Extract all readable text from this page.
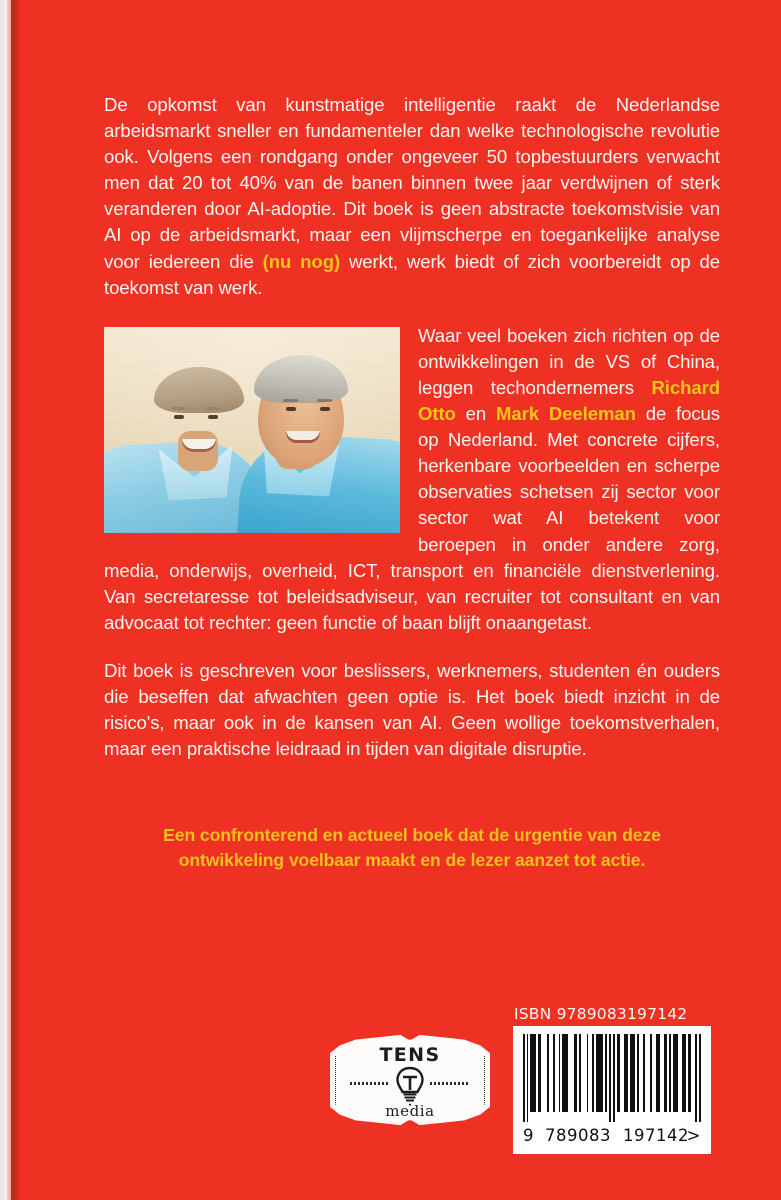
De opkomst van kunstmatige intelligentie raakt de Nederlandse arbeidsmarkt sneller en fundamenteler dan welke technologische revolutie ook. Volgens een rondgang onder ongeveer 50 topbestuurders verwacht men dat 20 tot 40% van de banen binnen twee jaar verdwijnen of sterk veranderen door AI-adoptie. Dit boek is geen abstracte toekomstvisie van AI op de arbeidsmarkt, maar een vlijmscherpe en toegankelijke analyse voor iedereen die (nu nog) werkt, werk biedt of zich voorbereidt op de toekomst van werk.

Waar veel boeken zich richten op de ontwikkelingen in de VS of China, leggen techondernemers Richard Otto en Mark Deeleman de focus op Nederland. Met concrete cijfers, herkenbare voorbeelden en scherpe observaties schetsen zij sector voor sector wat AI betekent voor beroepen in onder andere zorg, media, onderwijs, overheid, ICT, transport en financiële dienstverlening. Van secretaresse tot beleidsadviseur, van recruiter tot consultant en van advocaat tot rechter: geen functie of baan blijft onaangetast.

Dit boek is geschreven voor beslissers, werknemers, studenten én ouders die beseffen dat afwachten geen optie is. Het boek biedt inzicht in de risico's, maar ook in de kansen van AI. Geen wollige toekomstverhalen, maar een praktische leidraad in tijden van digitale disruptie.

Een confronterend en actueel boek dat de urgentie van deze
ontwikkeling voelbaar maakt en de lezer aanzet tot actie.
TENS
media
ISBN 9789083197142
9 789083 197142
>
